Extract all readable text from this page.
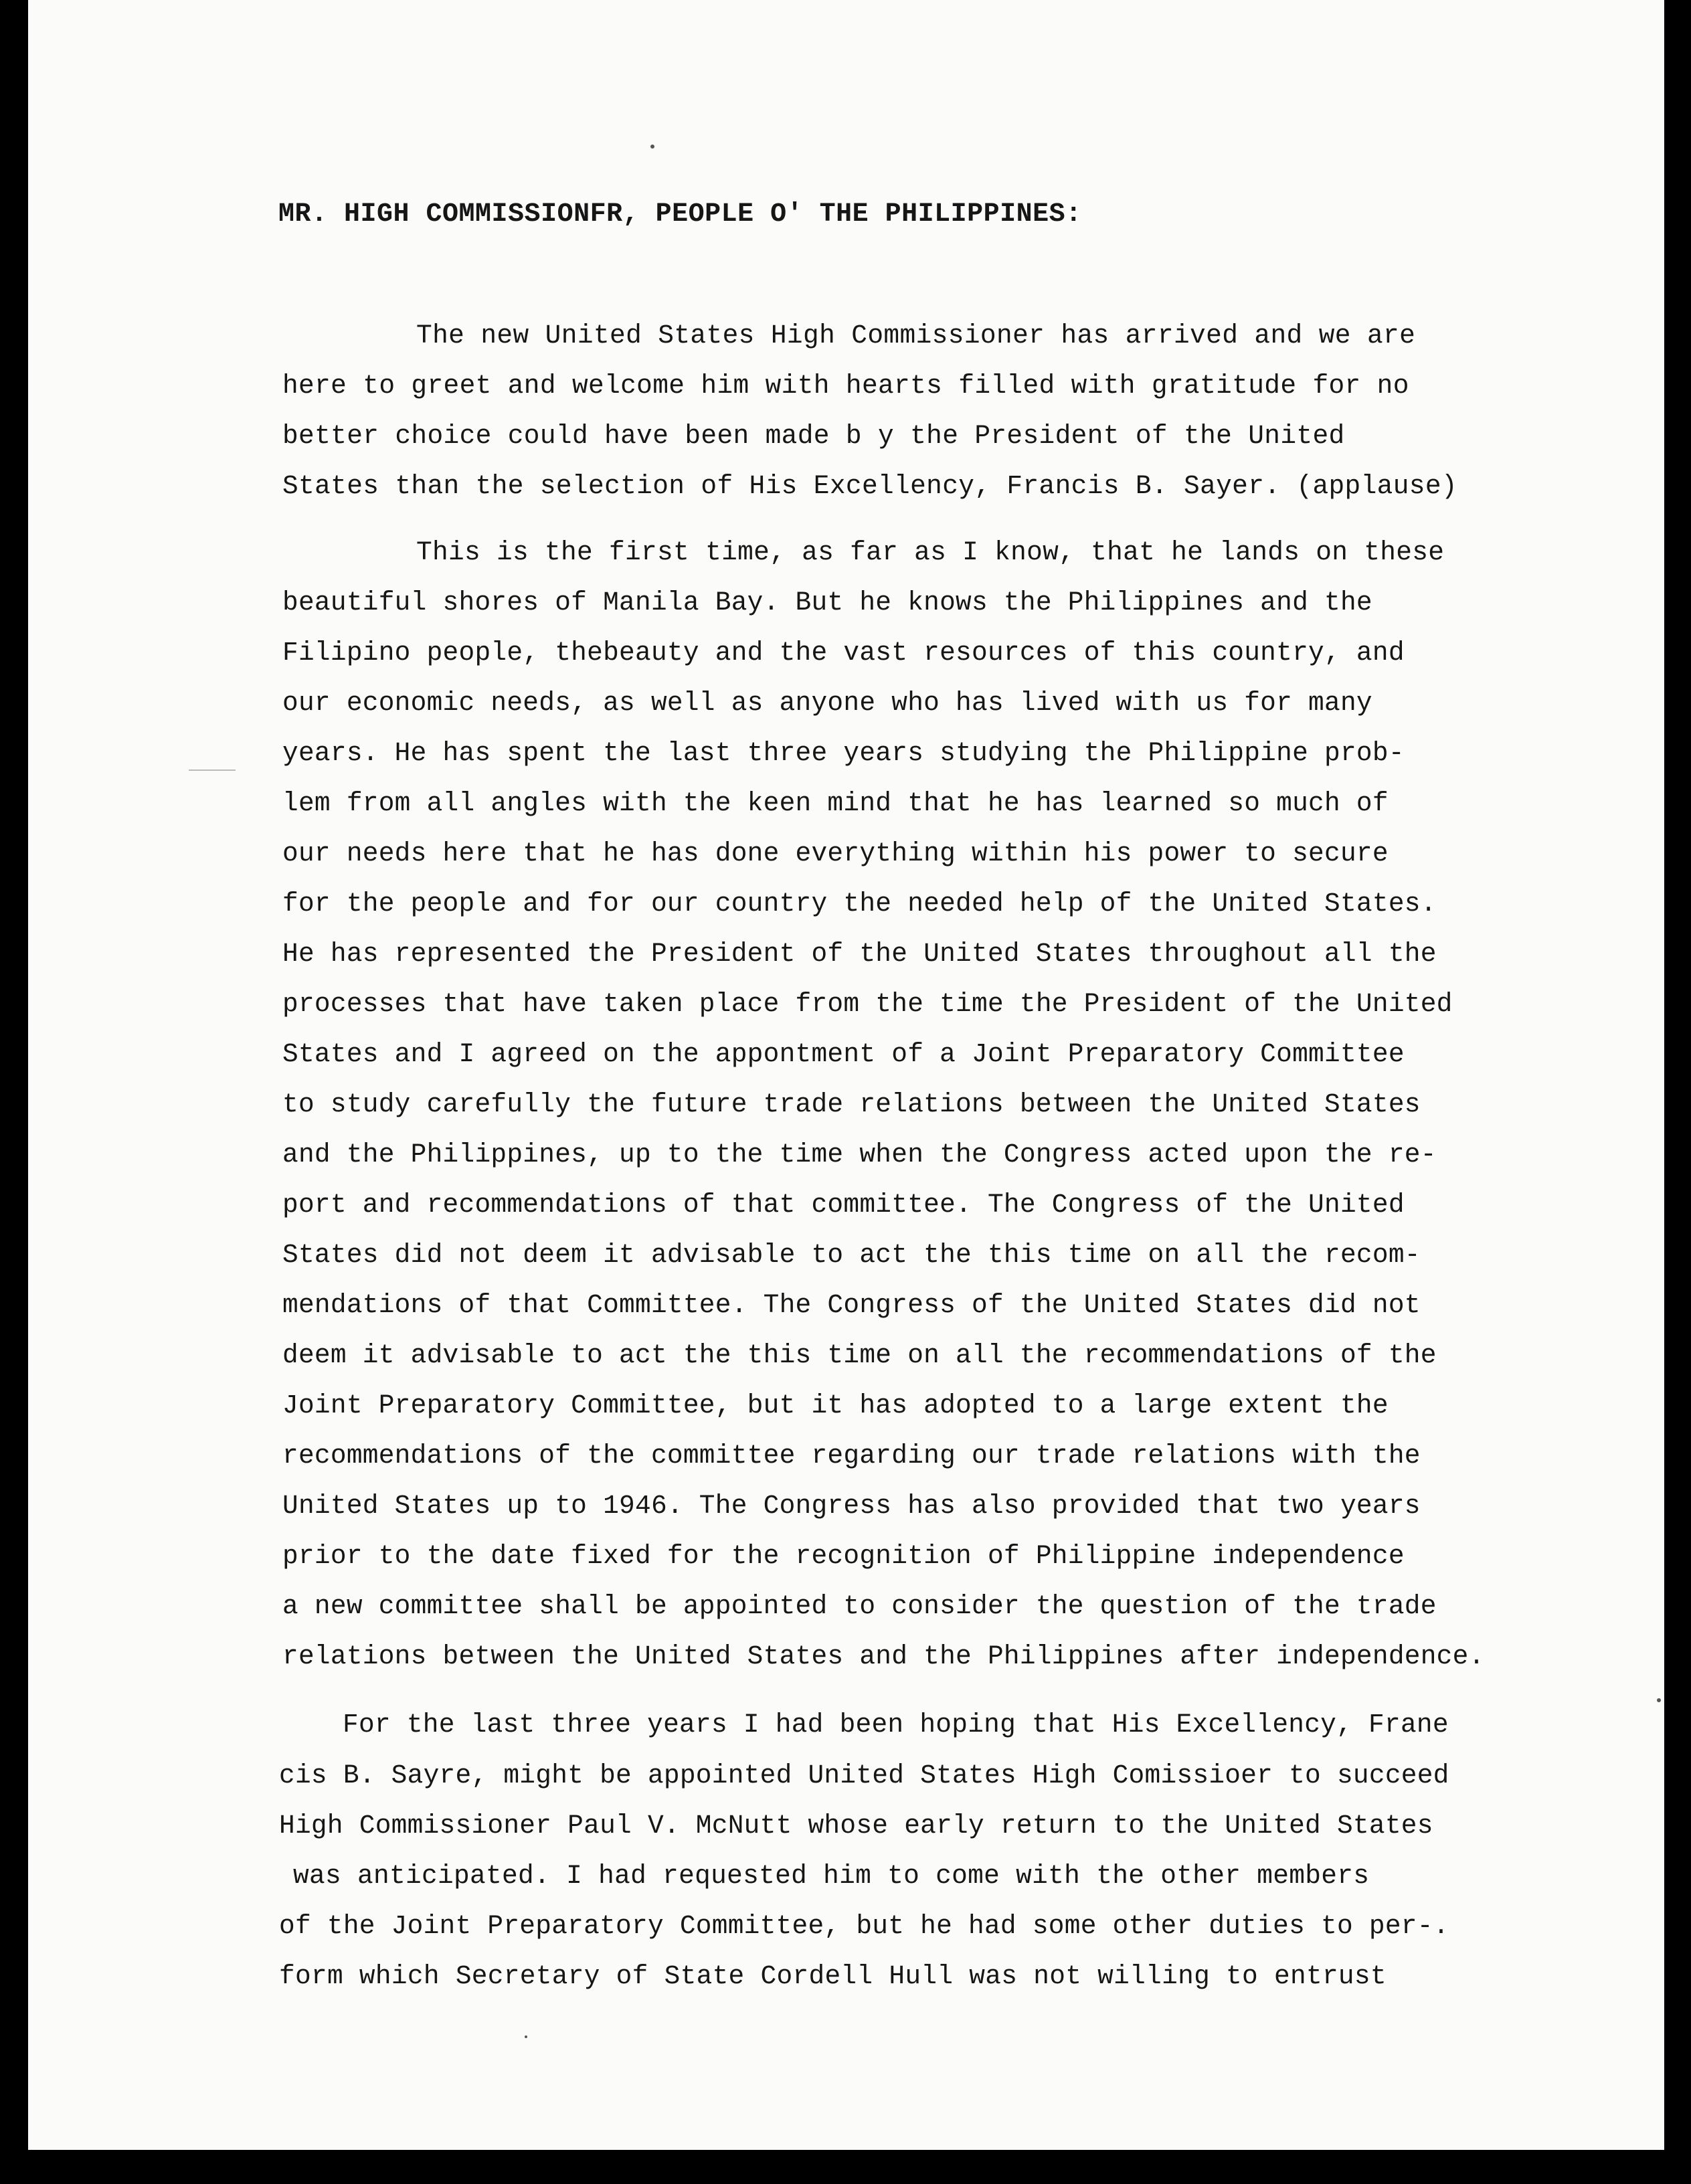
MR. HIGH COMMISSIONFR, PEOPLE O' THE PHILIPPINES:
The new United States High Commissioner has arrived and we are
here to greet and welcome him with hearts filled with gratitude for no
better choice could have been made b y the President of the United
States than the selection of His Excellency, Francis B. Sayer. (applause)
This is the first time, as far as I know, that he lands on these
beautiful shores of Manila Bay. But he knows the Philippines and the
Filipino people, thebeauty and the vast resources of this country, and
our economic needs, as well as anyone who has lived with us for many
years. He has spent the last three years studying the Philippine prob-
lem from all angles with the keen mind that he has learned so much of
our needs here that he has done everything within his power to secure
for the people and for our country the needed help of the United States.
He has represented the President of the United States throughout all the
processes that have taken place from the time the President of the United
States and I agreed on the appontment of a Joint Preparatory Committee
to study carefully the future trade relations between the United States
and the Philippines, up to the time when the Congress acted upon the re-
port and recommendations of that committee. The Congress of the United
States did not deem it advisable to act the this time on all the recom-
mendations of that Committee. The Congress of the United States did not
deem it advisable to act the this time on all the recommendations of the
Joint Preparatory Committee, but it has adopted to a large extent the
recommendations of the committee regarding our trade relations with the
United States up to 1946. The Congress has also provided that two years
prior to the date fixed for the recognition of Philippine independence
a new committee shall be appointed to consider the question of the trade
relations between the United States and the Philippines after independence.
For the last three years I had been hoping that His Excellency, Frane
cis B. Sayre, might be appointed United States High Comissioer to succeed
High Commissioner Paul V. McNutt whose early return to the United States
was anticipated. I had requested him to come with the other members
of the Joint Preparatory Committee, but he had some other duties to per-.
form which Secretary of State Cordell Hull was not willing to entrust
